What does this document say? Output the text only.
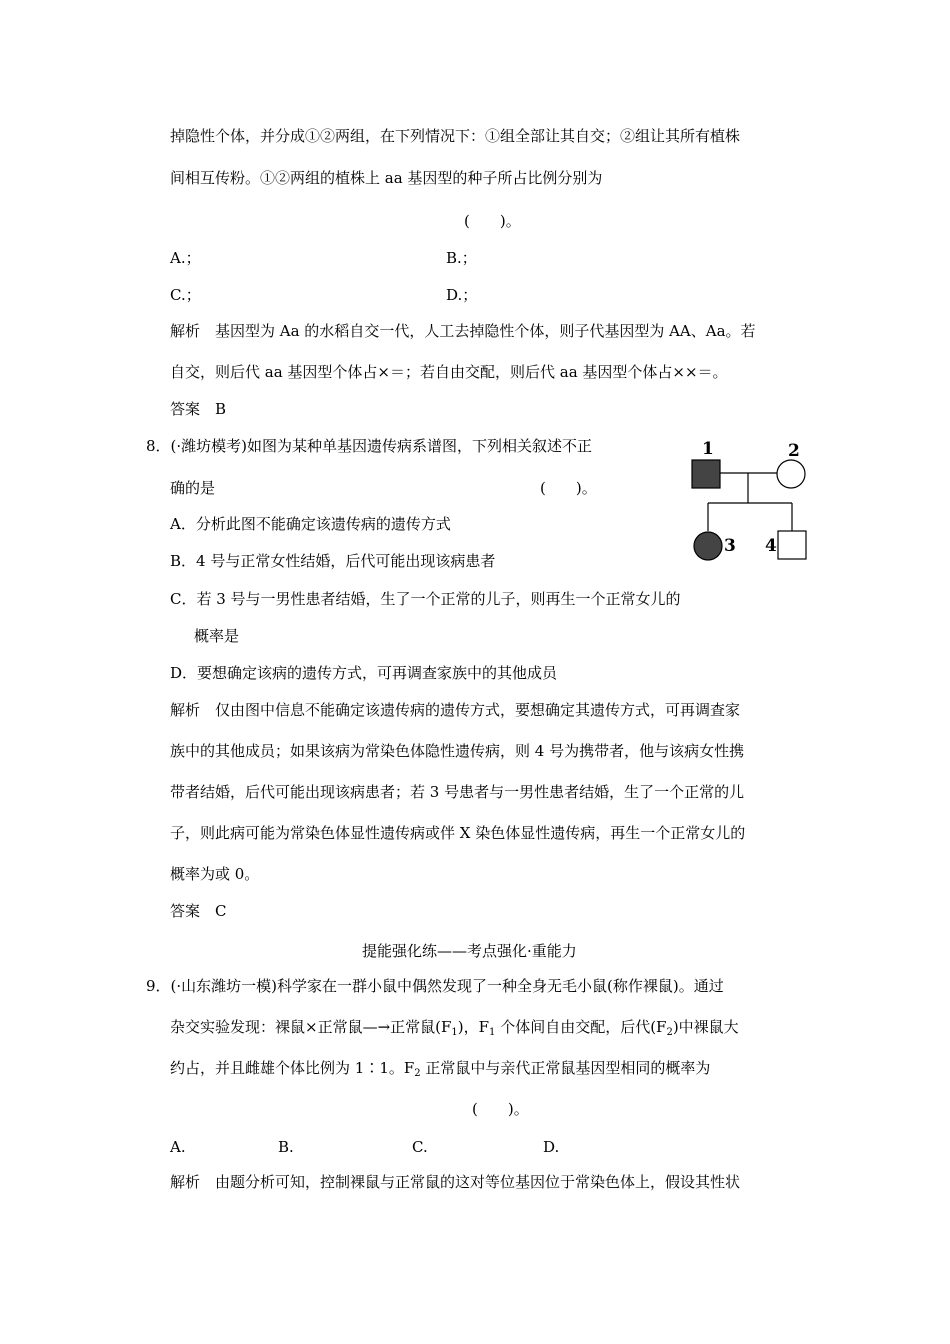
掉隐性个体，并分成①②两组，在下列情况下：①组全部让其自交；②组让其所有植株
间相互传粉。①②两组的植株上 aa 基因型的种子所占比例分别为
(　　)。
A.；	B.；
C.；	D.；
解析　基因型为 Aa 的水稻自交一代，人工去掉隐性个体，则子代基因型为 AA、Aa。若
自交，则后代 aa 基因型个体占×＝；若自由交配，则后代 aa 基因型个体占××＝。
答案　B
8．(·潍坊模考)如图为某种单基因遗传病系谱图，下列相关叙述不正
确的是	(　　)。
A．分析此图不能确定该遗传病的遗传方式
B．4 号与正常女性结婚，后代可能出现该病患者
C．若 3 号与一男性患者结婚，生了一个正常的儿子，则再生一个正常女儿的
概率是
D．要想确定该病的遗传方式，可再调查家族中的其他成员
解析　仅由图中信息不能确定该遗传病的遗传方式，要想确定其遗传方式，可再调查家
族中的其他成员；如果该病为常染色体隐性遗传病，则 4 号为携带者，他与该病女性携
带者结婚，后代可能出现该病患者；若 3 号患者与一男性患者结婚，生了一个正常的儿
子，则此病可能为常染色体显性遗传病或伴 X 染色体显性遗传病，再生一个正常女儿的
概率为或 0。
答案　C
1	2
3 4
提能强化练——考点强化·重能力
9．(·山东潍坊一模)科学家在一群小鼠中偶然发现了一种全身无毛小鼠(称作裸鼠)。通过
杂交实验发现：裸鼠×正常鼠—→正常鼠$(F_1)$，$F_1$ 个体间自由交配，后代$(F_2)$中裸鼠大
约占，并且雌雄个体比例为 1∶1。$F_2$ 正常鼠中与亲代正常鼠基因型相同的概率为
(　　)。
A.	B.	C.	D.
解析　由题分析可知，控制裸鼠与正常鼠的这对等位基因位于常染色体上，假设其性状
